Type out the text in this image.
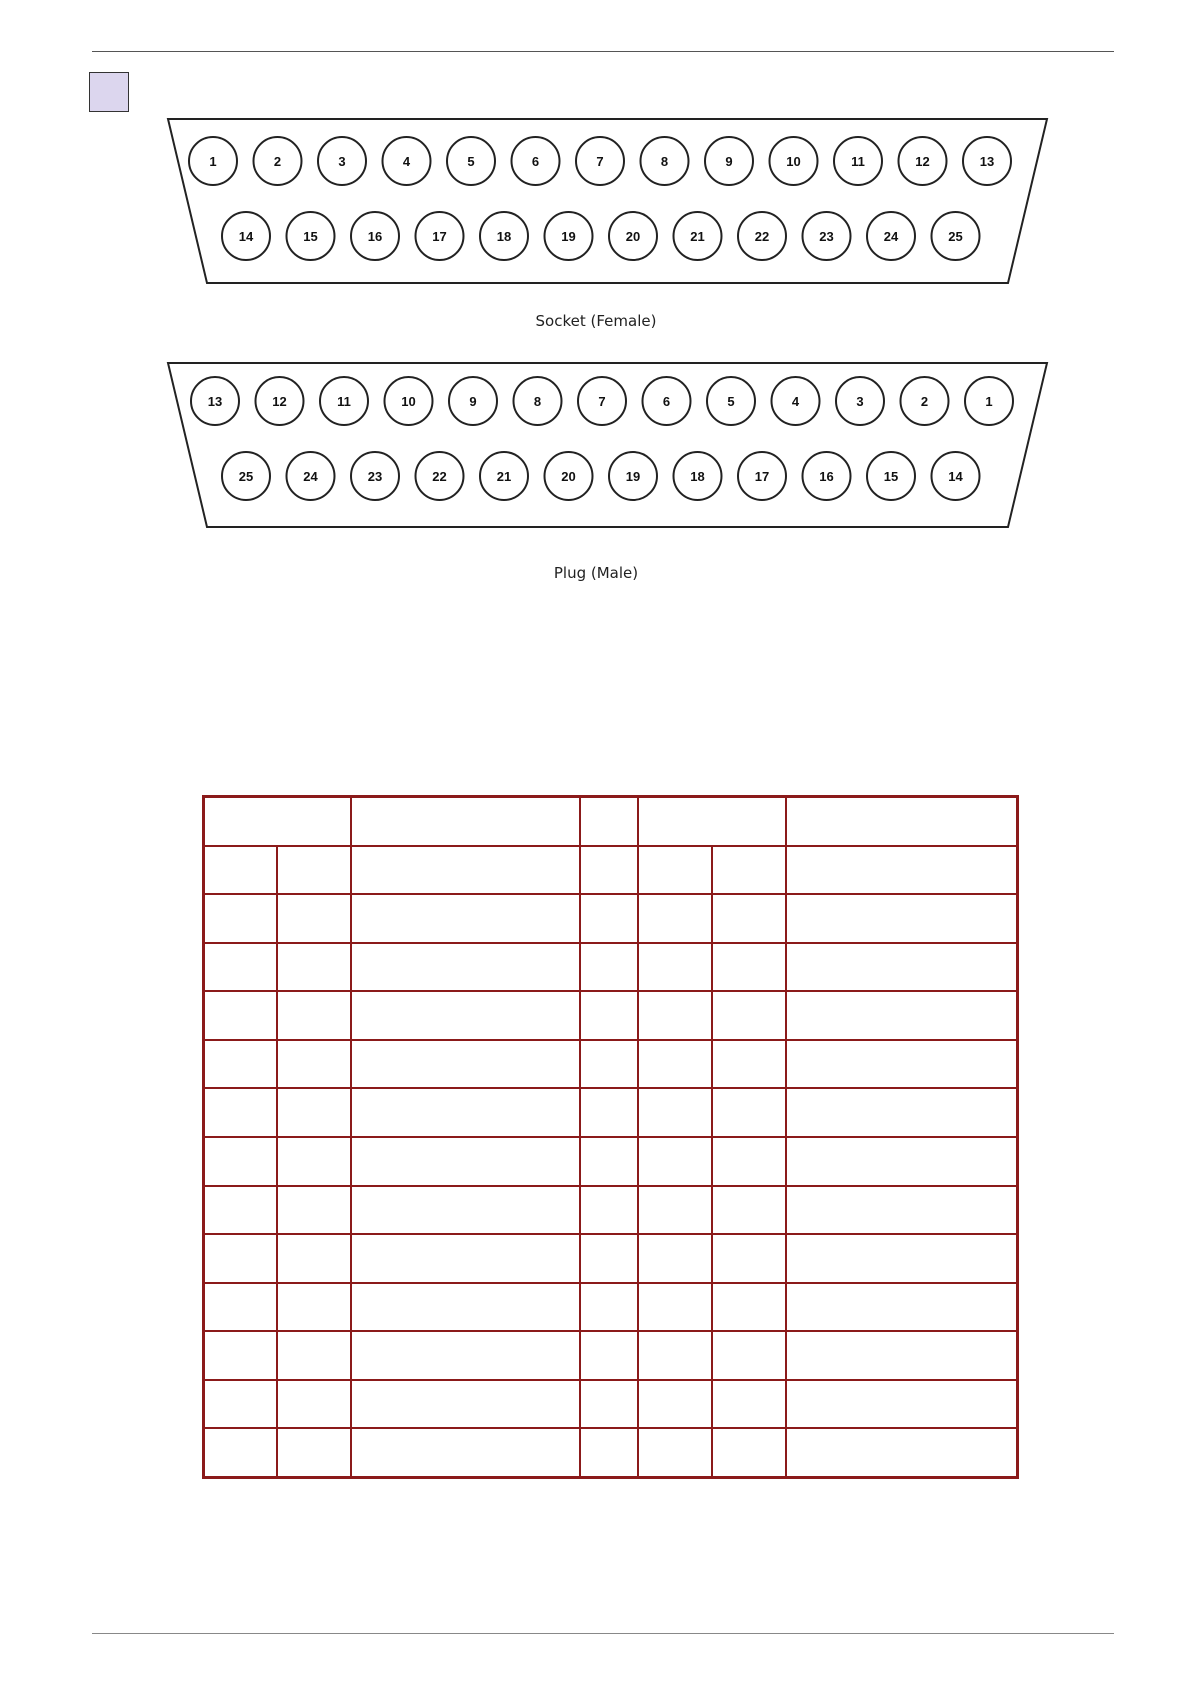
1	2	3	4	5	6	7	8	9	10	11	12	13
14	15	16	17	18	19	20	21	22	23	24	25
Socket (Female)
13	12	11	10	9	8	7	6	5	4	3	2	1
25	24	23	22	21	20	19	18	17	16	15	14
Plug (Male)
